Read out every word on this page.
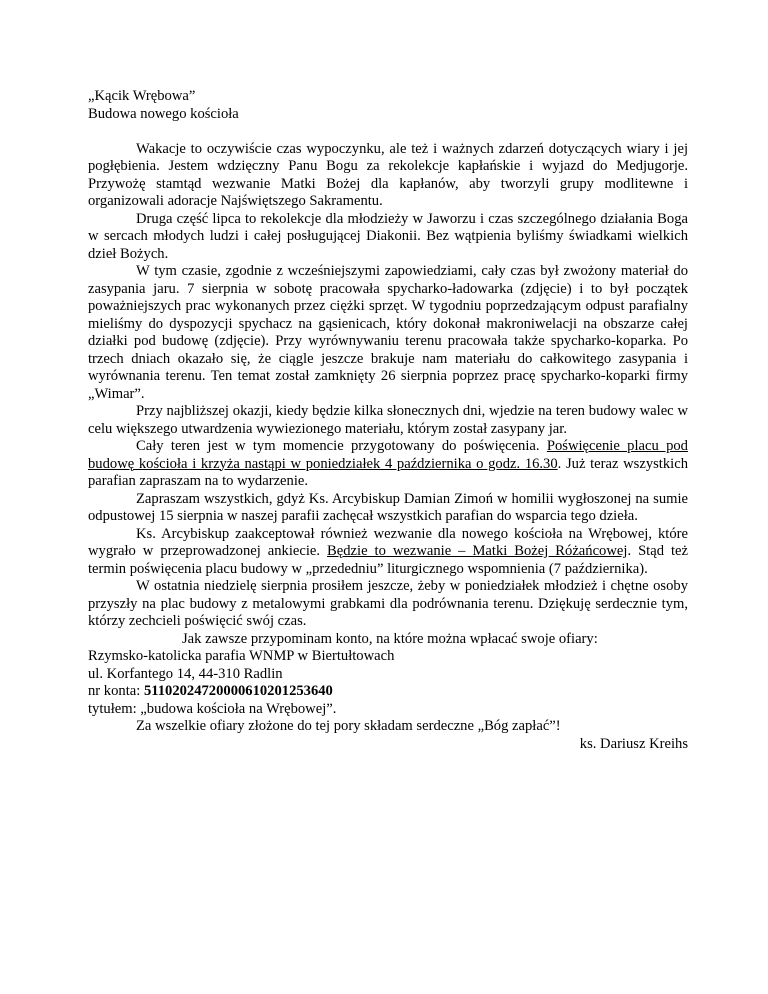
„Kącik Wrębowa”
Budowa nowego kościoła
Wakacje to oczywiście czas wypoczynku, ale też i ważnych zdarzeń dotyczących wiary i jej pogłębienia. Jestem wdzięczny Panu Bogu za rekolekcje kapłańskie i wyjazd do Medjugorje. Przywożę stamtąd wezwanie Matki Bożej dla kapłanów, aby tworzyli grupy modlitewne i organizowali adoracje Najświętszego Sakramentu.
Druga część lipca to rekolekcje dla młodzieży w Jaworzu i czas szczególnego działania Boga w sercach młodych ludzi i całej posługującej Diakonii. Bez wątpienia byliśmy świadkami wielkich dzieł Bożych.
W tym czasie, zgodnie z wcześniejszymi zapowiedziami, cały czas był zwożony materiał do zasypania jaru. 7 sierpnia w sobotę pracowała spycharko-ładowarka (zdjęcie) i to był początek poważniejszych prac wykonanych przez ciężki sprzęt. W tygodniu poprzedzającym odpust parafialny mieliśmy do dyspozycji spychacz na gąsienicach, który dokonał makroniwelacji na obszarze całej działki pod budowę (zdjęcie). Przy wyrównywaniu terenu pracowała także spycharko-koparka. Po trzech dniach okazało się, że ciągle jeszcze brakuje nam materiału do całkowitego zasypania i wyrównania terenu. Ten temat został zamknięty 26 sierpnia poprzez pracę spycharko-koparki firmy „Wimar”.
Przy najbliższej okazji, kiedy będzie kilka słonecznych dni, wjedzie na teren budowy walec w celu większego utwardzenia wywiezionego materiału, którym został zasypany jar.
Cały teren jest w tym momencie przygotowany do poświęcenia. Poświęcenie placu pod budowę kościoła i krzyża nastąpi w poniedziałek 4 października o godz. 16.30. Już teraz wszystkich parafian zapraszam na to wydarzenie.
Zapraszam wszystkich, gdyż Ks. Arcybiskup Damian Zimoń w homilii wygłoszonej na sumie odpustowej 15 sierpnia w naszej parafii zachęcał wszystkich parafian do wsparcia tego dzieła.
Ks. Arcybiskup zaakceptował również wezwanie dla nowego kościoła na Wrębowej, które wygrało w przeprowadzonej ankiecie. Będzie to wezwanie – Matki Bożej Różańcowej. Stąd też termin poświęcenia placu budowy w „przededniu” liturgicznego wspomnienia (7 października).
W ostatnia niedzielę sierpnia prosiłem jeszcze, żeby w poniedziałek młodzież i chętne osoby przyszły na plac budowy z metalowymi grabkami dla podrównania terenu. Dziękuję serdecznie tym, którzy zechcieli poświęcić swój czas.
Jak zawsze przypominam konto, na które można wpłacać swoje ofiary:
Rzymsko-katolicka parafia WNMP w Biertułtowach
ul. Korfantego 14, 44-310 Radlin
nr konta: 51102024720000610201253640
tytułem: „budowa kościoła na Wrębowej”.
Za wszelkie ofiary złożone do tej pory składam serdeczne „Bóg zapłać”!
ks. Dariusz Kreihs
